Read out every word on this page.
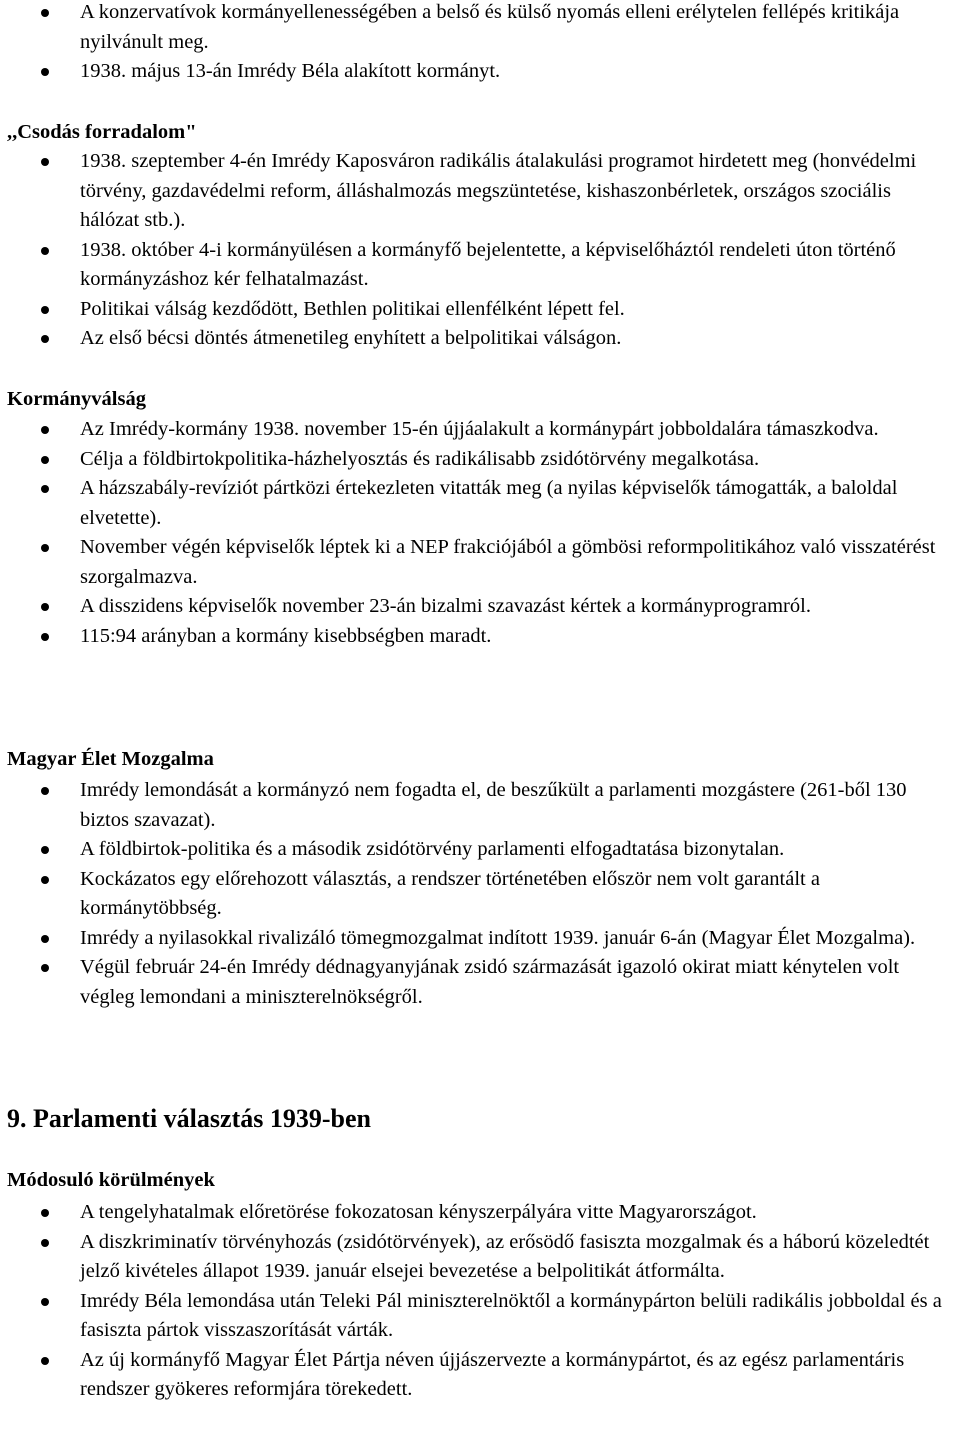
A konzervatívok kormányellenességében a belső és külső nyomás elleni erélytelen fellépés kritikája nyilvánult meg.
1938. május 13-án Imrédy Béla alakított kormányt.
,,Csodás forradalom"
1938. szeptember 4-én Imrédy Kaposváron radikális átalakulási programot hirdetett meg (honvédelmi törvény, gazdavédelmi reform, álláshalmozás megszüntetése, kishaszonbérletek, országos szociális hálózat stb.).
1938. október 4-i kormányülésen a kormányfő bejelentette, a képviselőháztól rendeleti úton történő kormányzáshoz kér felhatalmazást.
Politikai válság kezdődött, Bethlen politikai ellenfélként lépett fel.
Az első bécsi döntés átmenetileg enyhített a belpolitikai válságon.
Kormányválság
Az Imrédy-kormány 1938. november 15-én újjáalakult a kormánypárt jobboldalára támaszkodva.
Célja a földbirtokpolitika-házhelyosztás és radikálisabb zsidótörvény megalkotása.
A házszabály-revíziót pártközi értekezleten vitatták meg (a nyilas képviselők támogatták, a baloldal elvetette).
November végén képviselők léptek ki a NEP frakciójából a gömbösi reformpolitikához való visszatérést szorgalmazva.
A disszidens képviselők november 23-án bizalmi szavazást kértek a kormányprogramról.
115:94 arányban a kormány kisebbségben maradt.
Magyar Élet Mozgalma
Imrédy lemondását a kormányzó nem fogadta el, de beszűkült a parlamenti mozgástere (261-ből 130 biztos szavazat).
A földbirtok-politika és a második zsidótörvény parlamenti elfogadtatása bizonytalan.
Kockázatos egy előrehozott választás, a rendszer történetében először nem volt garantált a kormánytöbbség.
Imrédy a nyilasokkal rivalizáló tömegmozgalmat indított 1939. január 6-án (Magyar Élet Mozgalma).
Végül február 24-én Imrédy dédnagyanyjának zsidó származását igazoló okirat miatt kénytelen volt végleg lemondani a miniszterelnökségről.
9. Parlamenti választás 1939-ben
Módosuló körülmények
A tengelyhatalmak előretörése fokozatosan kényszerpályára vitte Magyarországot.
A diszkriminatív törvényhozás (zsidótörvények), az erősödő fasiszta mozgalmak és a háború közeledtét jelző kivételes állapot 1939. január elsejei bevezetése a belpolitikát átformálta.
Imrédy Béla lemondása után Teleki Pál miniszterelnöktől a kormánypárton belüli radikális jobboldal és a fasiszta pártok visszaszorítását várták.
Az új kormányfő Magyar Élet Pártja néven újjászervezte a kormánypártot, és az egész parlamentáris rendszer gyökeres reformjára törekedett.
